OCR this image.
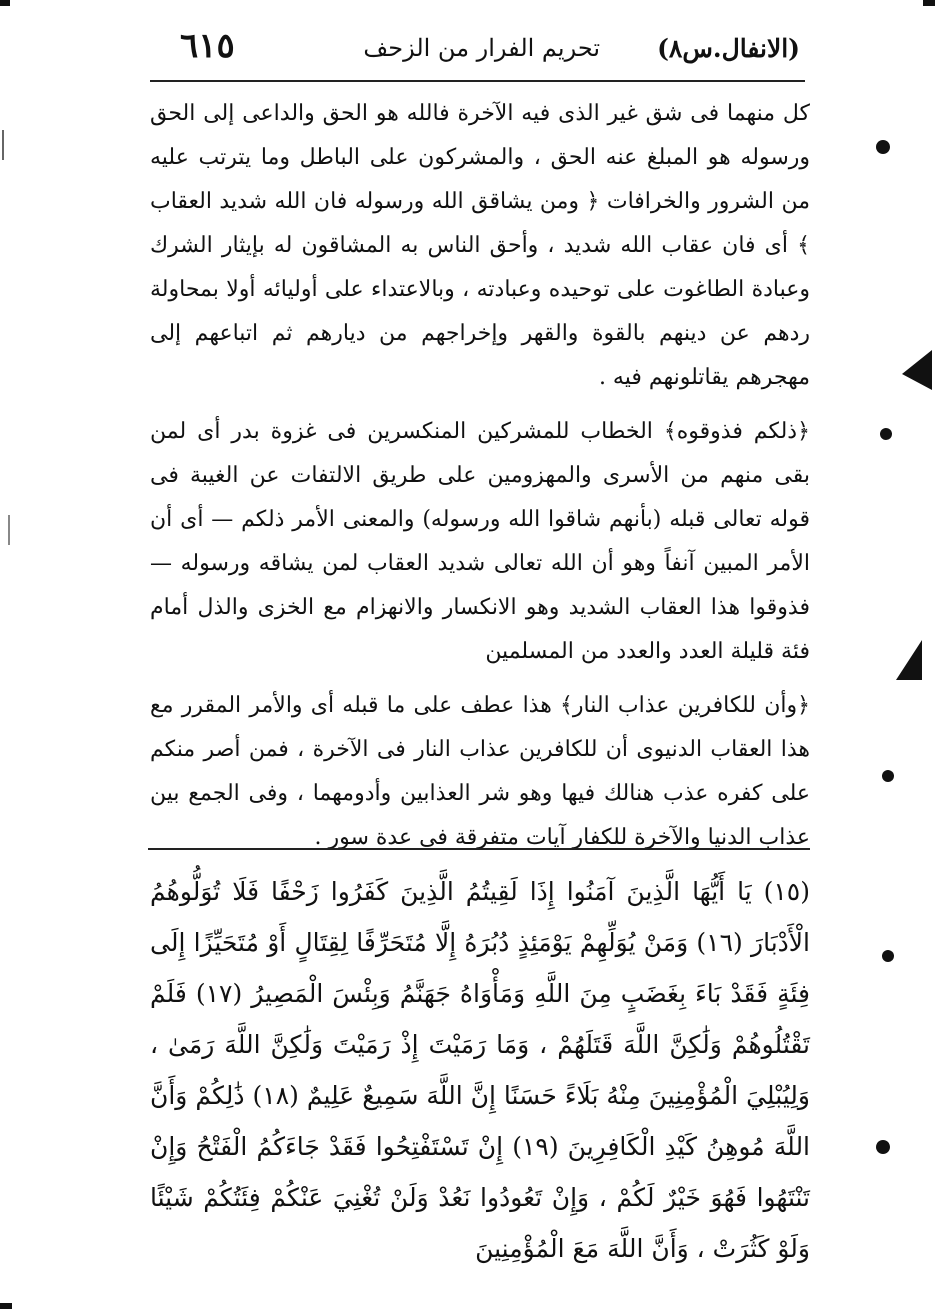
(الانفال.س٨)
تحريم الفرار من الزحف
٦١٥

كل منهما فى شق غير الذى فيه الآخرة فالله هو الحق والداعى إلى الحق ورسوله هو المبلغ عنه الحق ، والمشركون على الباطل وما يترتب عليه من الشرور والخرافات ﴿ ومن يشاقق الله ورسوله فان الله شديد العقاب ﴾ أى فان عقاب الله شديد ، وأحق الناس به المشاقون له بإيثار الشرك وعبادة الطاغوت على توحيده وعبادته ، وبالاعتداء على أوليائه أولا بمحاولة ردهم عن دينهم بالقوة والقهر وإخراجهم من ديارهم ثم اتباعهم إلى مهجرهم يقاتلونهم فيه .

﴿ذلكم فذوقوه﴾ الخطاب للمشركين المنكسرين فى غزوة بدر أى لمن بقى منهم من الأسرى والمهزومين على طريق الالتفات عن الغيبة فى قوله تعالى قبله (بأنهم شاقوا الله ورسوله) والمعنى الأمر ذلكم — أى أن الأمر المبين آنفاً وهو أن الله تعالى شديد العقاب لمن يشاقه ورسوله — فذوقوا هذا العقاب الشديد وهو الانكسار والانهزام مع الخزى والذل أمام فئة قليلة العدد والعدد من المسلمين

﴿وأن للكافرين عذاب النار﴾ هذا عطف على ما قبله أى والأمر المقرر مع هذا العقاب الدنيوى أن للكافرين عذاب النار فى الآخرة ، فمن أصر منكم على كفره عذب هنالك فيها وهو شر العذابين وأدومهما ، وفى الجمع بين عذاب الدنيا والآخرة للكفار آيات متفرقة فى عدة سور .

(١٥) يَا أَيُّهَا الَّذِينَ آمَنُوا إِذَا لَقِيتُمُ الَّذِينَ كَفَرُوا زَحْفًا فَلَا تُوَلُّوهُمُ الْأَدْبَارَ (١٦) وَمَنْ يُوَلِّهِمْ يَوْمَئِذٍ دُبُرَهُ إِلَّا مُتَحَرِّفًا لِقِتَالٍ أَوْ مُتَحَيِّزًا إِلَى فِئَةٍ فَقَدْ بَاءَ بِغَضَبٍ مِنَ اللَّهِ وَمَأْوَاهُ جَهَنَّمُ وَبِئْسَ الْمَصِيرُ (١٧) فَلَمْ تَقْتُلُوهُمْ وَلَٰكِنَّ اللَّهَ قَتَلَهُمْ ، وَمَا رَمَيْتَ إِذْ رَمَيْتَ وَلَٰكِنَّ اللَّهَ رَمَىٰ ، وَلِيُبْلِيَ الْمُؤْمِنِينَ مِنْهُ بَلَاءً حَسَنًا إِنَّ اللَّهَ سَمِيعٌ عَلِيمٌ (١٨) ذَٰلِكُمْ وَأَنَّ اللَّهَ مُوهِنُ كَيْدِ الْكَافِرِينَ (١٩) إِنْ تَسْتَفْتِحُوا فَقَدْ جَاءَكُمُ الْفَتْحُ وَإِنْ تَنْتَهُوا فَهُوَ خَيْرٌ لَكُمْ ، وَإِنْ تَعُودُوا نَعُدْ وَلَنْ تُغْنِيَ عَنْكُمْ فِئَتُكُمْ شَيْئًا وَلَوْ كَثُرَتْ ، وَأَنَّ اللَّهَ مَعَ الْمُؤْمِنِينَ
